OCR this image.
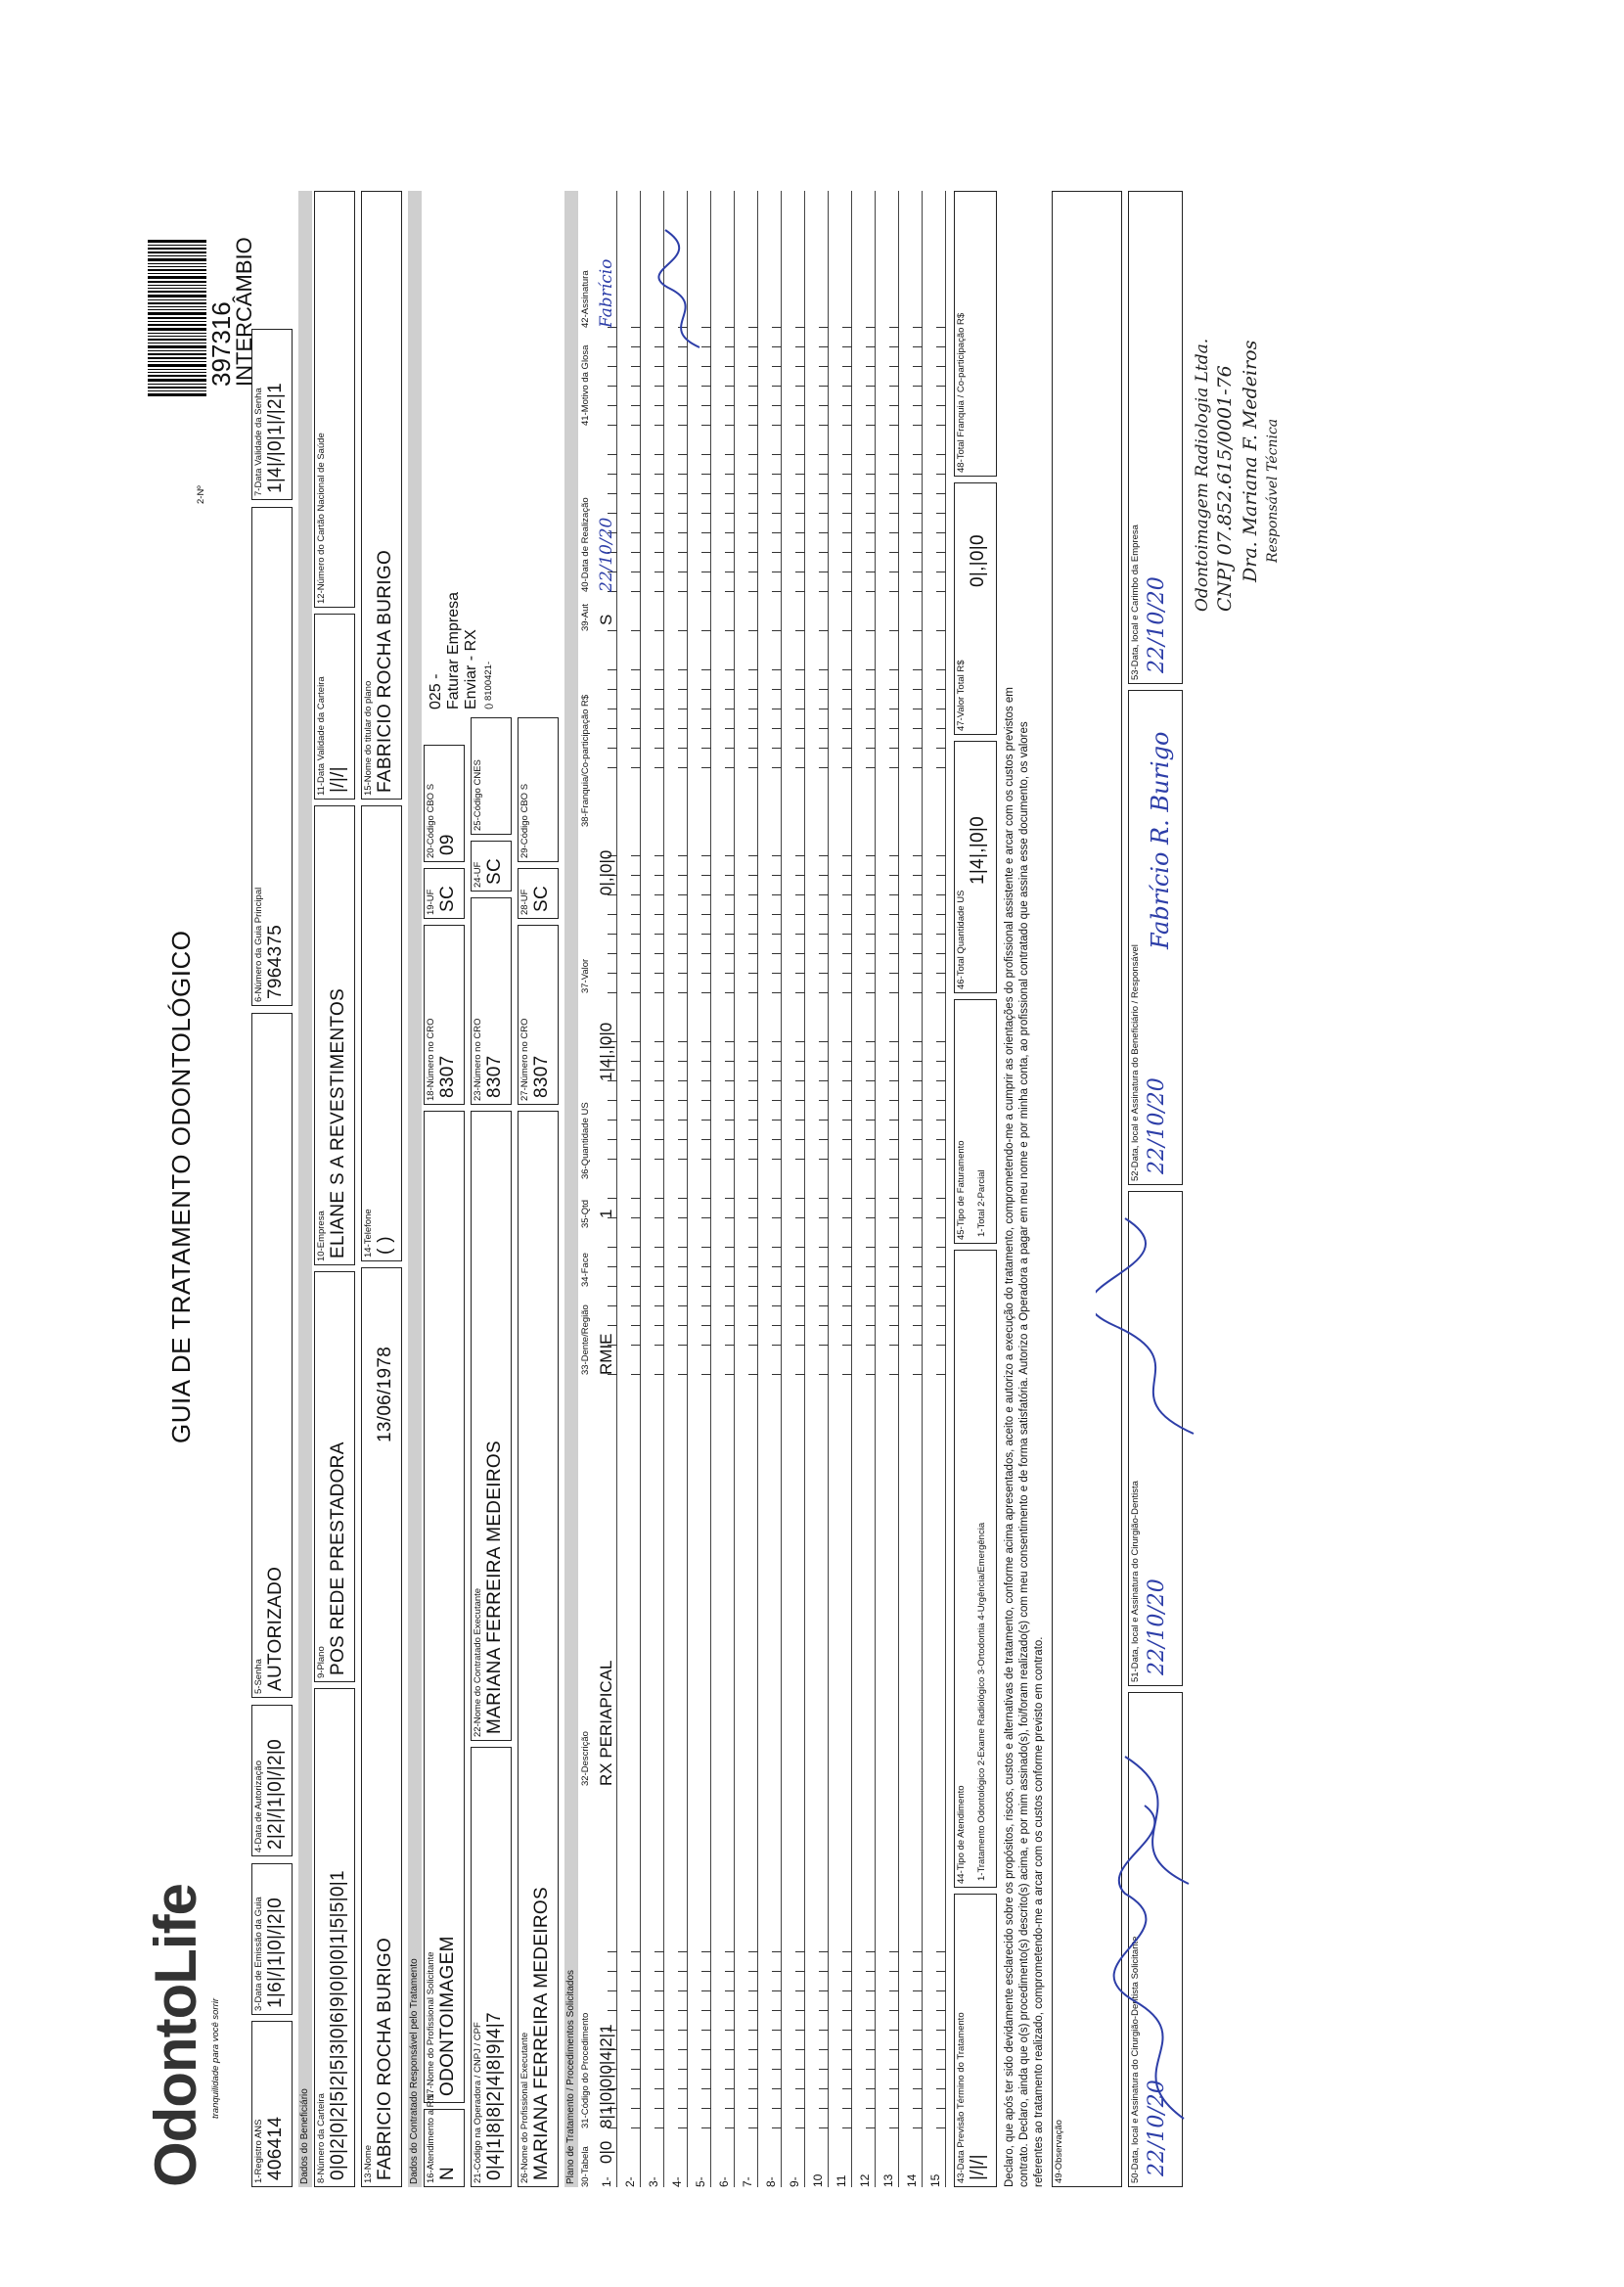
OdontoLife tranquilidade para você sorrir
GUIA DE TRATAMENTO ODONTOLÓGICO
2-Nº
397316
INTERCÂMBIO
1-Registro ANS 406414
3-Data de Emissão da Guia 1|6|/|1|0|/|2|0
4-Data de Autorização 2|2|/|1|0|/|2|0
5-Senha AUTORIZADO
6-Número da Guia Principal 7964375
7-Data Validade da Senha 1|4|/|0|1|/|2|1
Dados do Beneficiário 8-Número da Carteira 0|0|2|0|2|5|2|5|3|0|6|9|0|0|0|1|5|5|0|1
9-Plano POS REDE PRESTADORA
10-Empresa ELIANE S A REVESTIMENTOS
11-Data Validade da Carteira |/|/|
12-Número do Cartão Nacional de Saúde
13-Nome FABRICIO ROCHA BURIGO
13/06/1978
14-Telefone ( )
15-Nome do titular do plano FABRICIO ROCHA BURIGO
Dados do Contratado Responsável pelo Tratamento 16-Atendimento a RN N
17-Nome do Profissional Solicitante ODONTOIMAGEM
18-Número no CRO 8307
19-UF SC
20-Código CBO S 09
21-Código na Operadora / CNPJ / CPF 0|4|1|8|8|2|4|8|9|4|7
22-Nome do Contratado Executante MARIANA FERREIRA MEDEIROS
23-Número no CRO 8307
24-UF SC
25-Código CNES
26-Nome do Profissional Executante MARIANA FERREIRA MEDEIROS
27-Número no CRO 8307
28-UF SC
29-Código CBO S
025 - Faturar Empresa Enviar - RX () 8100421-
Plano de Tratamento / Procedimentos Solicitados 30-Tabela
31-Código do Procedimento
32-Descrição
33-Dente/Região
34-Face
35-Qtd
36-Quantidade US
37-Valor
38-Franquia/Co-participação R$
39-Aut
40-Data de Realização
41-Motivo da Glosa
42-Assinatura
1-
0|0
8|1|0|0|0|4|2|1
RX PERIAPICAL
RMIE
1
1|4|,|0|0
0|,|0|0
S
22/10/20
Fabrício
2- 3- 4- 5- 6- 7- 8- 9- 10 11 12 13 14 15 43-Data Previsão Término do Tratamento |/|/|
44-Tipo de Atendimento 1-Tratamento Odontológico 2-Exame Radiológico 3-Ortodontia 4-Urgência/Emergência
45-Tipo de Faturamento 1-Total 2-Parcial
46-Total Quantidade US
1|4|,|0|0
47-Valor Total R$
0|,|0|0
48-Total Franquia / Co-participação R$
Declaro, que após ter sido devidamente esclarecido sobre os propósitos, riscos, custos e alternativas de tratamento, conforme acima apresentados, aceito e autorizo a execução do tratamento, comprometendo-me a cumprir as orientações do profissional assistente e arcar com os custos previstos em contrato. Declaro, ainda que o(s) procedimento(s) descrito(s) acima, e por mim assinado(s), foi/foram realizado(s) com meu consentimento e de forma satisfatória. Autorizo a Operadora a pagar em meu nome e por minha conta, ao profissional contratado que assina esse documento, os valores referentes ao tratamento realizado, comprometendo-me a arcar com os custos conforme previsto em contrato. 49-Observação	50-Data, local e Assinatura do Cirurgião-Dentista Solicitante 22/10/20
51-Data, local e Assinatura do Cirurgião-Dentista 22/10/20
52-Data, local e Assinatura do Beneficiário / Responsável 22/10/20
Fabrício R. Burigo
53-Data, local e Carimbo da Empresa 22/10/20
Odontoimagem Radiologia Ltda. CNPJ 07.852.615/0001-76 Dra. Mariana F. Medeiros Responsável Técnica
